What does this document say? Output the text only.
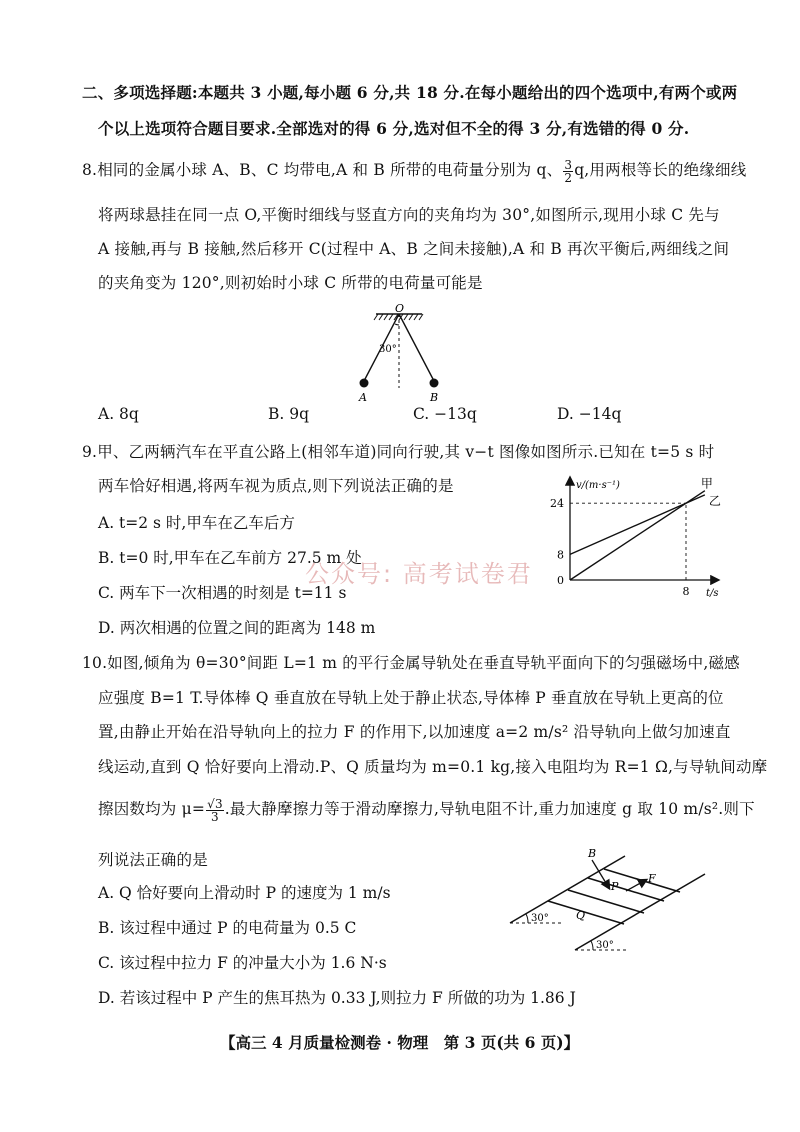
二、多项选择题:本题共 3 小题,每小题 6 分,共 18 分.在每小题给出的四个选项中,有两个或两
个以上选项符合题目要求.全部选对的得 6 分,选对但不全的得 3 分,有选错的得 0 分.
8.相同的金属小球 A、B、C 均带电,A 和 B 所带的电荷量分别为 q、 $\frac{3}{2} q$,用两根等长的绝缘细线
将两球悬挂在同一点 O,平衡时细线与竖直方向的夹角均为 30°,如图所示,现用小球 C 先与
A 接触,再与 B 接触,然后移开 C(过程中 A、B 之间未接触),A 和 B 再次平衡后,两细线之间
的夹角变为 120°,则初始时小球 C 所带的电荷量可能是
O
30°
A	B
A. 8q	B. 9q	C. −13q	D. −14q
9.甲、乙两辆汽车在平直公路上(相邻车道)同向行驶,其 v−t 图像如图所示.已知在 t=5 s 时
两车恰好相遇,将两车视为质点,则下列说法正确的是
A. t=2 s 时,甲车在乙车后方
B. t=0 时,甲车在乙车前方 27.5 m 处
C. 两车下一次相遇的时刻是 t=11 s
D. 两次相遇的位置之间的距离为 148 m
公众号: 高考试卷君
v/(m·s⁻¹)
t/s
24
8
0
8
甲
乙
10.如图,倾角为 θ=30°间距 L=1 m 的平行金属导轨处在垂直导轨平面向下的匀强磁场中,磁感
应强度 B=1 T.导体棒 Q 垂直放在导轨上处于静止状态,导体棒 P 垂直放在导轨上更高的位
置,由静止开始在沿导轨向上的拉力 F 的作用下,以加速度 a=2 m/s² 沿导轨向上做匀加速直
线运动,直到 Q 恰好要向上滑动.P、Q 质量均为 m=0.1 kg,接入电阻均为 R=1 Ω,与导轨间动摩
擦因数均为 $\mu= \frac{√3}{3}$ .最大静摩擦力等于滑动摩擦力,导轨电阻不计,重力加速度 g 取 10 m/s².则下
列说法正确的是
A. Q 恰好要向上滑动时 P 的速度为 1 m/s
B. 该过程中通过 P 的电荷量为 0.5 C
C. 该过程中拉力 F 的冲量大小为 1.6 N·s
D. 若该过程中 P 产生的焦耳热为 0.33 J,则拉力 F 所做的功为 1.86 J
30°
30°
B
F
P
Q
【高三 4 月质量检测卷 · 物理　第 3 页(共 6 页)】
